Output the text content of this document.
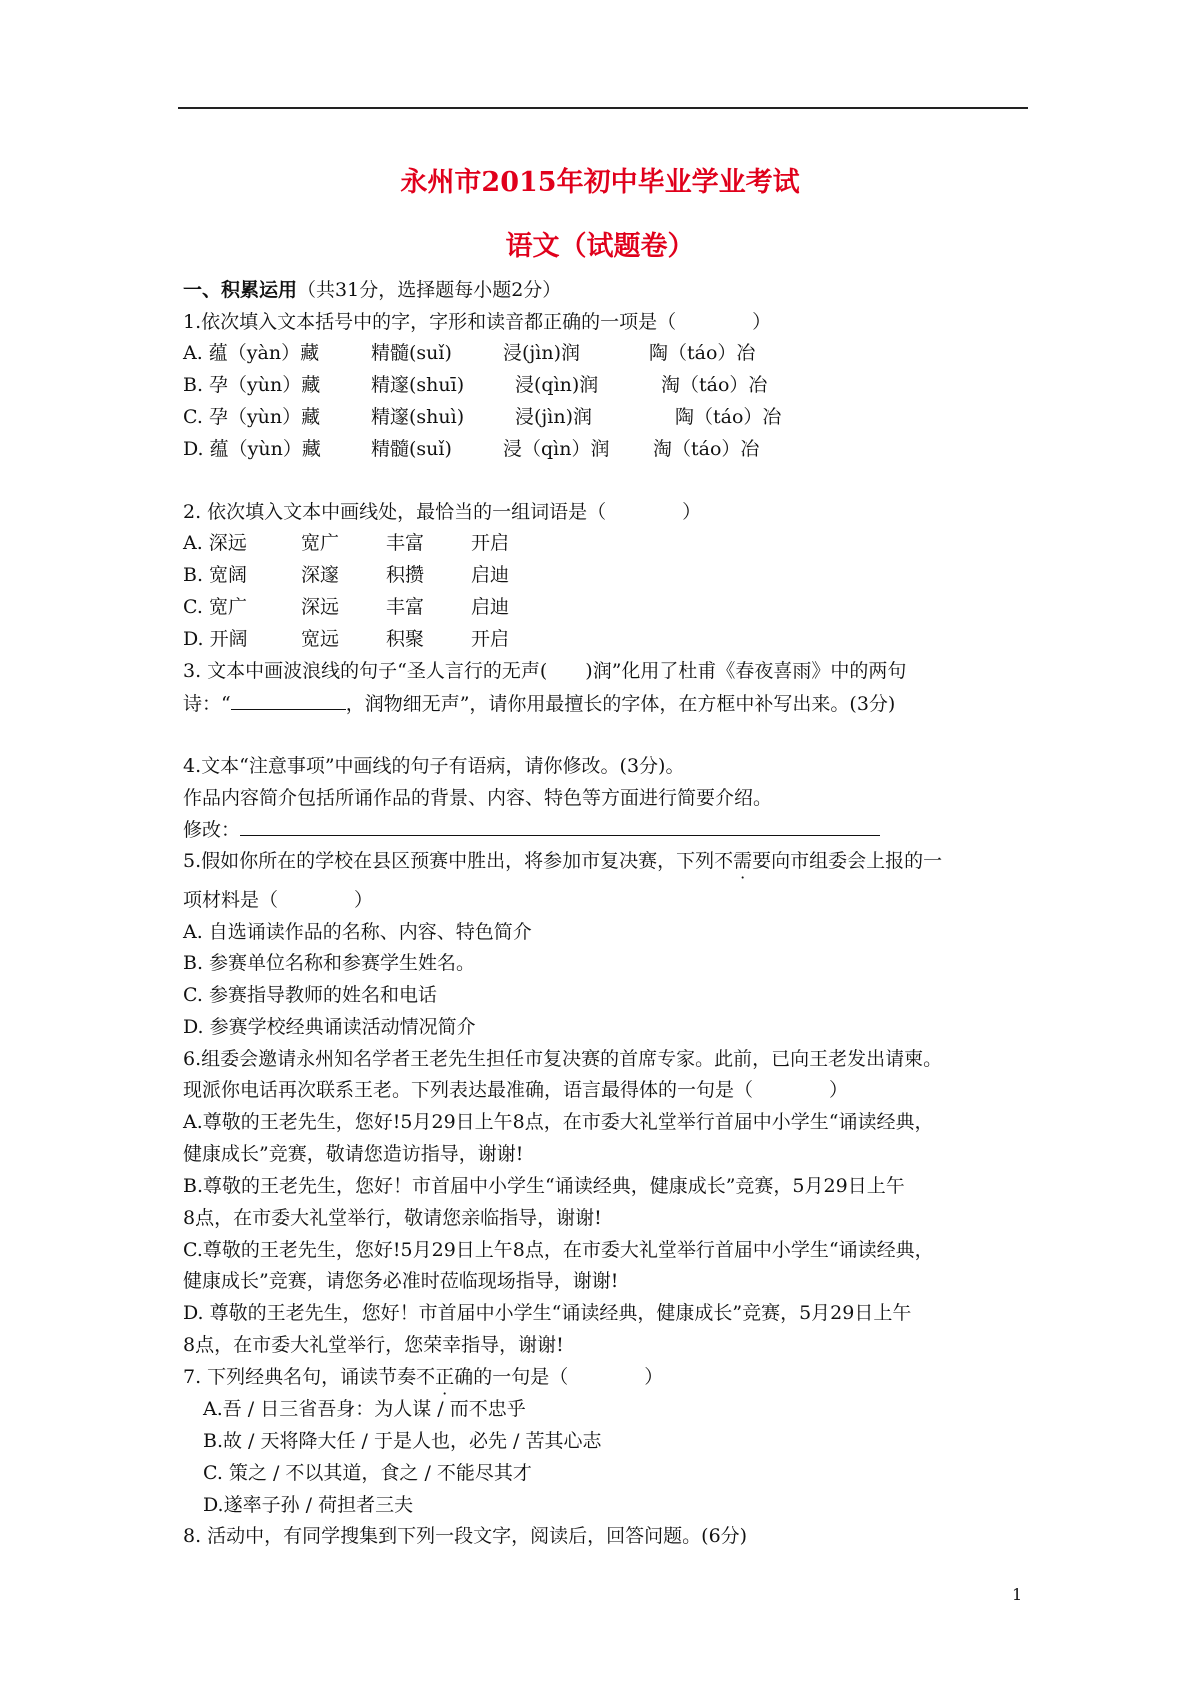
永州市2015年初中毕业学业考试
语文（试题卷）
一、积累运用（共31分，选择题每小题2分）
1.依次填入文本括号中的字，字形和读音都正确的一项是（　　　　）
A. 蕴（yàn）藏	精髓(suǐ)	浸(jìn)润	陶（táo）冶
B. 孕（yùn）藏	精邃(shuī)	浸(qìn)润	淘（táo）冶
C. 孕（yùn）藏	精邃(shuì)	浸(jìn)润	陶（táo）冶
D. 蕴（yùn）藏	精髓(suǐ)	浸（qìn）润 淘（táo）冶
2. 依次填入文本中画线处，最恰当的一组词语是（　　　　）
A. 深远	宽广 丰富 开启
B. 宽阔	深邃 积攒 启迪
C. 宽广	深远 丰富 启迪
D. 开阔	宽远 积聚 开启
3. 文本中画波浪线的句子“圣人言行的无声(　　)润”化用了杜甫《春夜喜雨》中的两句
诗：“	，润物细无声”，请你用最擅长的字体，在方框中补写出来。(3分)
4.文本“注意事项”中画线的句子有语病，请你修改。(3分)。
作品内容简介包括所诵作品的背景、内容、特色等方面进行简要介绍。
修改：
5.假如你所在的学校在县区预赛中胜出，将参加市复决赛，下列不需要向市组委会上报的一
项材料是（　　　　）
A. 自选诵读作品的名称、内容、特色简介
B. 参赛单位名称和参赛学生姓名。
C. 参赛指导教师的姓名和电话
D. 参赛学校经典诵读活动情况简介
6.组委会邀请永州知名学者王老先生担任市复决赛的首席专家。此前，已向王老发出请柬。
现派你电话再次联系王老。下列表达最准确，语言最得体的一句是（　　　　）
A.尊敬的王老先生，您好!5月29日上午8点，在市委大礼堂举行首届中小学生“诵读经典，
健康成长”竞赛，敬请您造访指导，谢谢!
B.尊敬的王老先生，您好！市首届中小学生“诵读经典，健康成长”竞赛，5月29日上午
8点，在市委大礼堂举行，敬请您亲临指导，谢谢!
C.尊敬的王老先生，您好!5月29日上午8点，在市委大礼堂举行首届中小学生“诵读经典，
健康成长”竞赛，请您务必准时莅临现场指导，谢谢!
D. 尊敬的王老先生，您好！市首届中小学生“诵读经典，健康成长”竞赛，5月29日上午
8点，在市委大礼堂举行，您荣幸指导，谢谢!
7. 下列经典名句，诵读节奏不正确的一句是（　　　　）
A.吾 / 日三省吾身：为人谋 / 而不忠乎
B.故 / 天将降大任 / 于是人也，必先 / 苦其心志
C. 策之 / 不以其道，食之 / 不能尽其才
D.遂率子孙 / 荷担者三夫
8. 活动中，有同学搜集到下列一段文字，阅读后，回答问题。(6分)
1
